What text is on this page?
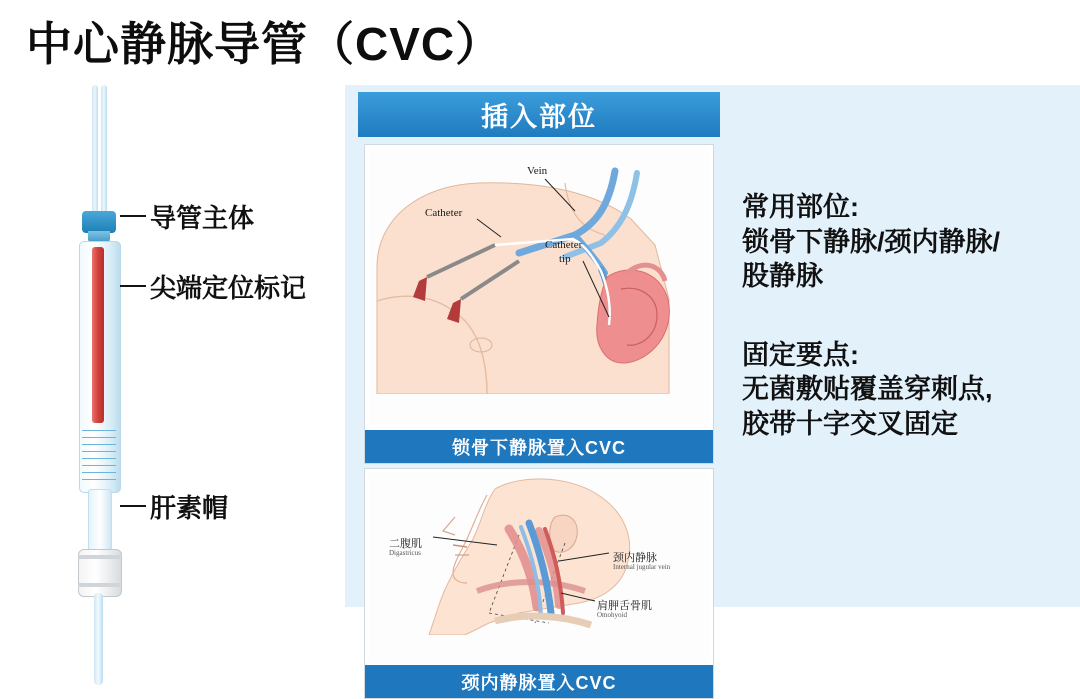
中心静脉导管（CVC）
导管主体
尖端定位标记
肝素帽
插入部位
Vein
Catheter
Catheter
tip
锁骨下静脉置入CVC
二腹肌
Digastricus	颈内静脉
Internal jugular vein
肩胛舌骨肌
Omohyoid
颈内静脉置入CVC
常用部位:
锁骨下静脉/颈内静脉/
股静脉
固定要点:
无菌敷贴覆盖穿刺点,
胶带十字交叉固定
